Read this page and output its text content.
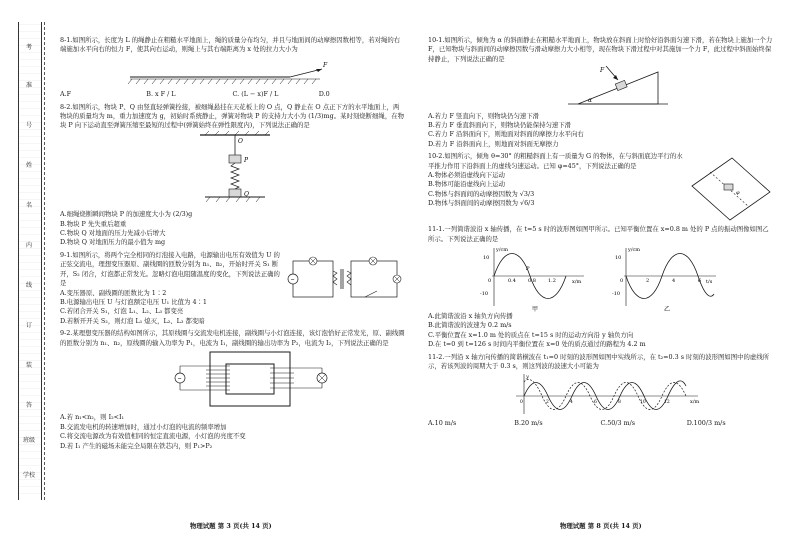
考
准
号
姓
名
内
线
订
装
答
班级
学校

8-1.如图所示，长度为 L 的绳静止在粗糙水平地面上，绳的质量分布均匀，并且与地面间的动摩擦因数相等，若对绳的右端施加水平向右的恒力 F，使其向右运动，则绳上与其右端距离为 x 处的拉力大小为

F
A.F	B. x F / L	C. (L − x)F / L	D.0

8-2.如图所示，物块 P、Q 由竖直轻弹簧拴接，被细绳悬挂在天花板上的 O 点，Q 静止在 O 点正下方的水平地面上，两物块的质量均为 m，重力加速度为 g，初始时系统静止，弹簧对物块 P 的支持力大小为 (1/3)mg。某时刻烧断细绳，在物块 P 向下运动直至弹簧压缩至最短的过程中(弹簧始终在弹性限度内)，下列说法正确的是

O
P
Q
A.细绳烧断瞬间物块 P 的加速度大小为 (2/3)g
B.物块 P 先失重后超重
C.物块 Q 对地面的压力先减小后增大
D.物块 Q 对地面压力的最小值为 mg

9-1.如图所示，将两个完全相同的灯泡接入电路，电源输出电压有效值为 U 的正弦交流电，理想变压器原、副线圈的匝数分别为 n₁、n₂，开始时开关 S₁ 断开，S₂ 闭合，灯泡都正常发光。忽略灯泡电阻随温度的变化，下列说法正确的是

A.变压器原、副线圈的匝数比为 1∶2
B.电源输出电压 U 与灯泡额定电压 U₁ 比值为 4∶1
C.若闭合开关 S₁，灯泡 L₁、L₂、L₃ 都变亮
D.若断开开关 S₂，则灯泡 L₁ 熄灭，L₂、L₃ 都变暗
~

9-2.某理想变压器的结构如图所示，其原线圈与交流发电机连接，副线圈与小灯泡连接，该灯泡恰好正常发光，原、副线圈的匝数分别为 n₁、n₂，原线圈的输入功率为 P₁，电流为 I₁，副线圈的输出功率为 P₂，电流为 I₂，下列说法正确的是

~
A.若 n₁<n₂，则 I₂<I₁
B.交流发电机的转速增加时，通过小灯泡的电流的频率增加
C.将交流电源改为有效值相同的恒定直流电源，小灯泡的亮度不变
D.若 I₁ 产生的磁场未能完全局限在铁芯内，则 P₁>P₂
物理试题 第 3 页(共 14 页)

10-1.如图所示，倾角为 α 的斜面静止在粗糙水平地面上，物块放在斜面上时恰好沿斜面匀速下滑，若在物块上施加一个力 F，已知物块与斜面间的动摩擦因数与滑动摩擦力大小相等，现在物块下滑过程中对其施加一个力 F，此过程中斜面始终保持静止，下列说法正确的是

F
α
A.若力 F 竖直向下，则物块仍匀速下滑
B.若力 F 垂直斜面向下，则物块仍能保持匀速下滑
C.若力 F 沿斜面向下，则地面对斜面的摩擦力水平向右
D.若力 F 沿斜面向上，则地面对斜面无摩擦力

10-2.如图所示，倾角 θ=30° 的粗糙斜面上有一质量为 G 的物体，在与斜面底边平行的水平推力作用下沿斜面上的虚线匀速运动。已知 φ=45°，下列说法正确的是

A.物体必须沿虚线向下运动
B.物体可能沿虚线向上运动
C.物体与斜面间的动摩擦因数为 √3/3
D.物体与斜面间的动摩擦因数为 √6/3
φ

11-1.一列简谐波沿 x 轴传播，在 t=5 s 时的波形图如图甲所示。已知平衡位置在 x=0.8 m 处的 P 点的振动图像如图乙所示。下列说法正确的是

y/cm
x/m
10
-10
0	0.4 0.8 1.2
P
甲
y/cm
t/s
10
-10
0	2	4	6
乙
A.此简谐波沿 x 轴负方向传播
B.此简谐波的波速为 0.2 m/s
C.平衡位置在 x=1.0 m 处的质点在 t=15 s 时的运动方向沿 y 轴负方向
D.在 t=0 到 t=126 s 时间内平衡位置在 x=0 处的质点通过的路程为 4.2 m

11-2.一列沿 x 轴方向传播的简谐横波在 t₁=0 时刻的波形图如图中实线所示，在 t₂=0.3 s 时刻的波形图如图中的虚线所示，若该列波的周期大于 0.3 s，则这列波的波速大小可能为

y
x/m
0	2	4	6	8	10	12
A.10 m/s	B.20 m/s	C.50/3 m/s	D.100/3 m/s
物理试题 第 8 页(共 14 页)
